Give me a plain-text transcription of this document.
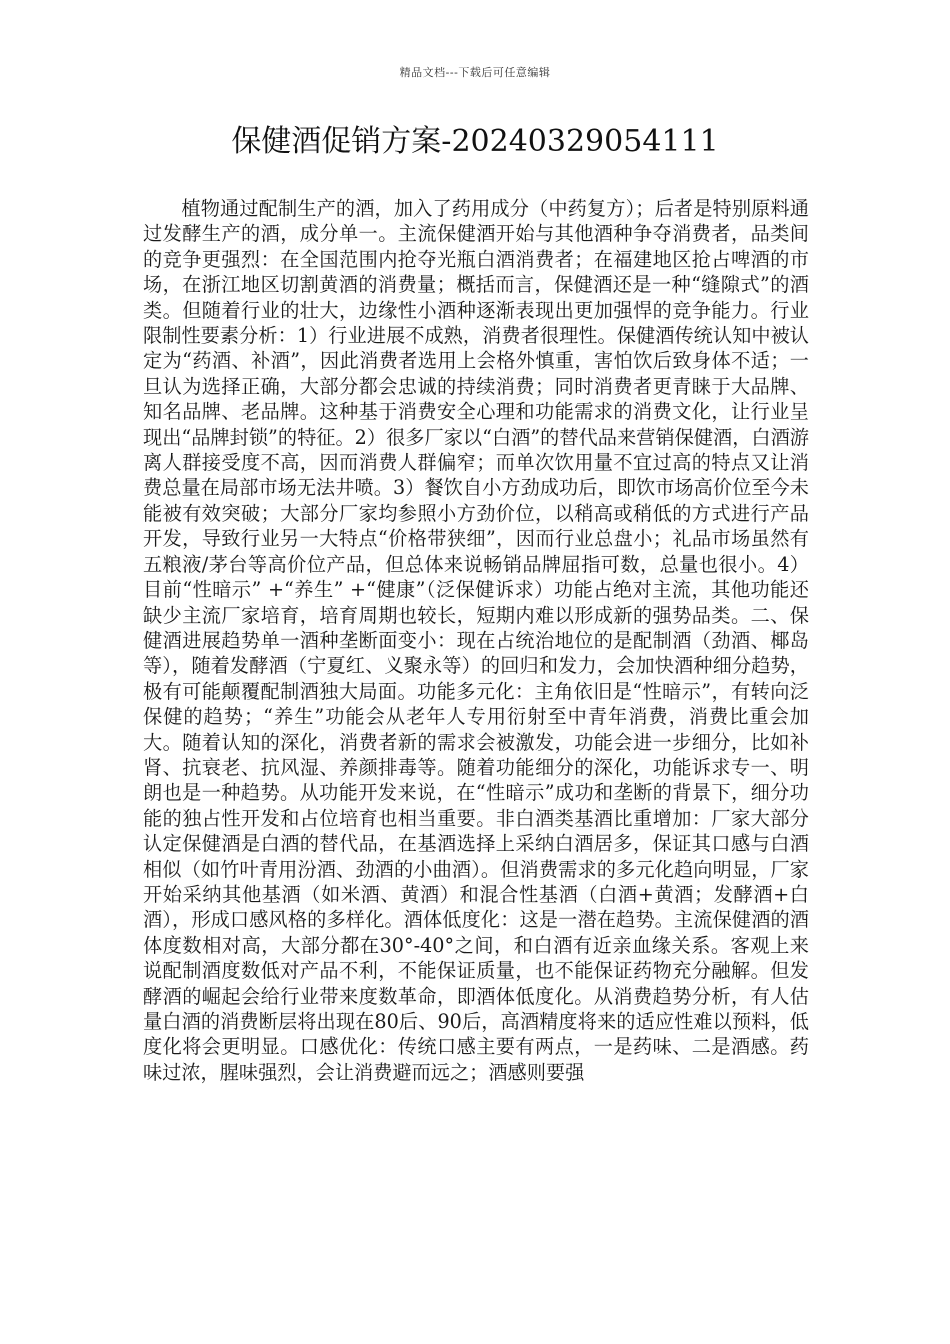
精品文档---下载后可任意编辑
保健酒促销方案-20240329054111

植物通过配制生产的酒，加入了药用成分（中药复方）；后者是特别原料通过发酵生产的酒，成分单一。主流保健酒开始与其他酒种争夺消费者，品类间的竞争更强烈：在全国范围内抢夺光瓶白酒消费者；在福建地区抢占啤酒的市场，在浙江地区切割黄酒的消费量；概括而言，保健酒还是一种“缝隙式”的酒类。但随着行业的壮大，边缘性小酒种逐渐表现出更加强悍的竞争能力。行业限制性要素分析：1）行业进展不成熟，消费者很理性。保健酒传统认知中被认定为“药酒、补酒”，因此消费者选用上会格外慎重，害怕饮后致身体不适；一旦认为选择正确，大部分都会忠诚的持续消费；同时消费者更青睐于大品牌、知名品牌、老品牌。这种基于消费安全心理和功能需求的消费文化，让行业呈现出“品牌封锁”的特征。2）很多厂家以“白酒”的替代品来营销保健酒，白酒游离人群接受度不高，因而消费人群偏窄；而单次饮用量不宜过高的特点又让消费总量在局部市场无法井喷。3）餐饮自小方劲成功后，即饮市场高价位至今未能被有效突破；大部分厂家均参照小方劲价位，以稍高或稍低的方式进行产品开发，导致行业另一大特点“价格带狭细”，因而行业总盘小；礼品市场虽然有五粮液/茅台等高价位产品，但总体来说畅销品牌屈指可数，总量也很小。4）目前“性暗示” +“养生” +“健康”（泛保健诉求）功能占绝对主流，其他功能还缺少主流厂家培育，培育周期也较长，短期内难以形成新的强势品类。二、保健酒进展趋势单一酒种垄断面变小：现在占统治地位的是配制酒（劲酒、椰岛等），随着发酵酒（宁夏红、义聚永等）的回归和发力，会加快酒种细分趋势，极有可能颠覆配制酒独大局面。功能多元化：主角依旧是“性暗示”，有转向泛保健的趋势；“养生”功能会从老年人专用衍射至中青年消费，消费比重会加大。随着认知的深化，消费者新的需求会被激发，功能会进一步细分，比如补肾、抗衰老、抗风湿、养颜排毒等。随着功能细分的深化，功能诉求专一、明朗也是一种趋势。从功能开发来说，在“性暗示”成功和垄断的背景下，细分功能的独占性开发和占位培育也相当重要。非白酒类基酒比重增加：厂家大部分认定保健酒是白酒的替代品，在基酒选择上采纳白酒居多，保证其口感与白酒相似（如竹叶青用汾酒、劲酒的小曲酒）。但消费需求的多元化趋向明显，厂家开始采纳其他基酒（如米酒、黄酒）和混合性基酒（白酒+黄酒；发酵酒+白酒），形成口感风格的多样化。酒体低度化：这是一潜在趋势。主流保健酒的酒体度数相对高，大部分都在30°-40°之间，和白酒有近亲血缘关系。客观上来说配制酒度数低对产品不利，不能保证质量，也不能保证药物充分融解。但发酵酒的崛起会给行业带来度数革命，即酒体低度化。从消费趋势分析，有人估量白酒的消费断层将出现在80后、90后，高酒精度将来的适应性难以预料，低度化将会更明显。口感优化：传统口感主要有两点，一是药味、二是酒感。药味过浓，腥味强烈，会让消费避而远之；酒感则要强
